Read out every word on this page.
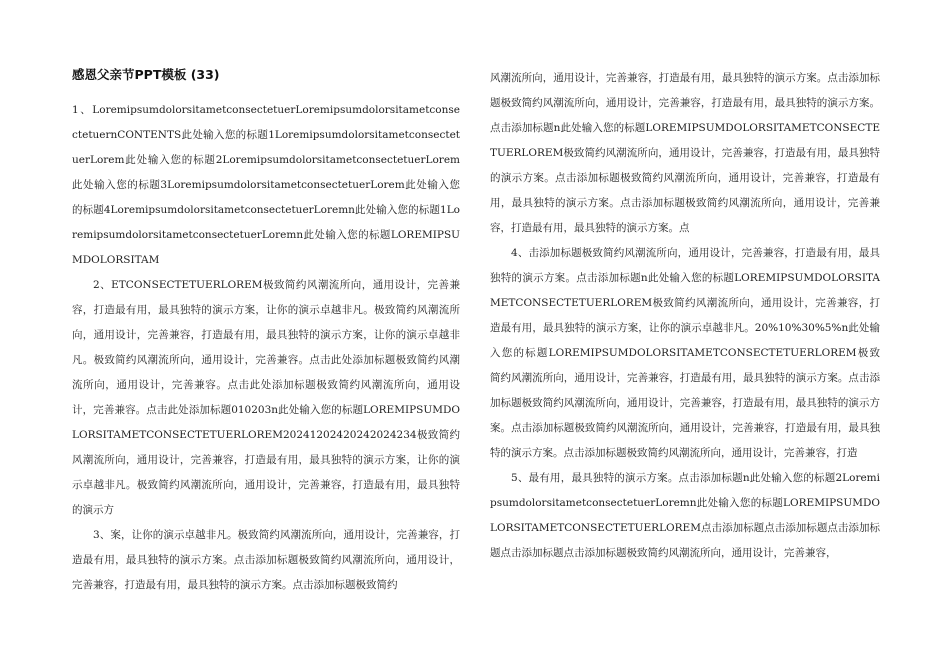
感恩父亲节PPT模板 (33)

1、LoremipsumdolorsitametconsectetuerLoremipsumdolorsitametconsectetuernCONTENTS此处输入您的标题1LoremipsumdolorsitametconsectetuerLorem此处输入您的标题2LoremipsumdolorsitametconsectetuerLorem此处输入您的标题3LoremipsumdolorsitametconsectetuerLorem此处输入您的标题4LoremipsumdolorsitametconsectetuerLoremn此处输入您的标题1LoremipsumdolorsitametconsectetuerLoremn此处输入您的标题LOREMIPSUMDOLORSITAM

2、ETCONSECTETUERLOREM极致简约风潮流所向，通用设计，完善兼容，打造最有用，最具独特的演示方案，让你的演示卓越非凡。极致简约风潮流所向，通用设计，完善兼容，打造最有用，最具独特的演示方案，让你的演示卓越非凡。极致简约风潮流所向，通用设计，完善兼容。点击此处添加标题极致简约风潮流所向，通用设计，完善兼容。点击此处添加标题极致简约风潮流所向，通用设计，完善兼容。点击此处添加标题010203n此处输入您的标题LOREMIPSUMDOLORSITAMETCONSECTETUERLOREM20241202420242024234极致简约风潮流所向，通用设计，完善兼容，打造最有用，最具独特的演示方案，让你的演示卓越非凡。极致简约风潮流所向，通用设计，完善兼容，打造最有用，最具独特的演示方

3、案，让你的演示卓越非凡。极致简约风潮流所向，通用设计，完善兼容，打造最有用，最具独特的演示方案。点击添加标题极致简约风潮流所向，通用设计，完善兼容，打造最有用，最具独特的演示方案。点击添加标题极致简约

风潮流所向，通用设计，完善兼容，打造最有用，最具独特的演示方案。点击添加标题极致简约风潮流所向，通用设计，完善兼容，打造最有用，最具独特的演示方案。点击添加标题n此处输入您的标题LOREMIPSUMDOLORSITAMETCONSECTETUERLOREM极致简约风潮流所向，通用设计，完善兼容，打造最有用，最具独特的演示方案。点击添加标题极致简约风潮流所向，通用设计，完善兼容，打造最有用，最具独特的演示方案。点击添加标题极致简约风潮流所向，通用设计，完善兼容，打造最有用，最具独特的演示方案。点

4、击添加标题极致简约风潮流所向，通用设计，完善兼容，打造最有用，最具独特的演示方案。点击添加标题n此处输入您的标题LOREMIPSUMDOLORSITAMETCONSECTETUERLOREM极致简约风潮流所向，通用设计，完善兼容，打造最有用，最具独特的演示方案，让你的演示卓越非凡。20%10%30%5%n此处输入您的标题LOREMIPSUMDOLORSITAMETCONSECTETUERLOREM极致简约风潮流所向，通用设计，完善兼容，打造最有用，最具独特的演示方案。点击添加标题极致简约风潮流所向，通用设计，完善兼容，打造最有用，最具独特的演示方案。点击添加标题极致简约风潮流所向，通用设计，完善兼容，打造最有用，最具独特的演示方案。点击添加标题极致简约风潮流所向，通用设计，完善兼容，打造

5、最有用，最具独特的演示方案。点击添加标题n此处输入您的标题2LoremipsumdolorsitametconsectetuerLoremn此处输入您的标题LOREMIPSUMDOLORSITAMETCONSECTETUERLOREM点击添加标题点击添加标题点击添加标题点击添加标题点击添加标题极致简约风潮流所向，通用设计，完善兼容，
